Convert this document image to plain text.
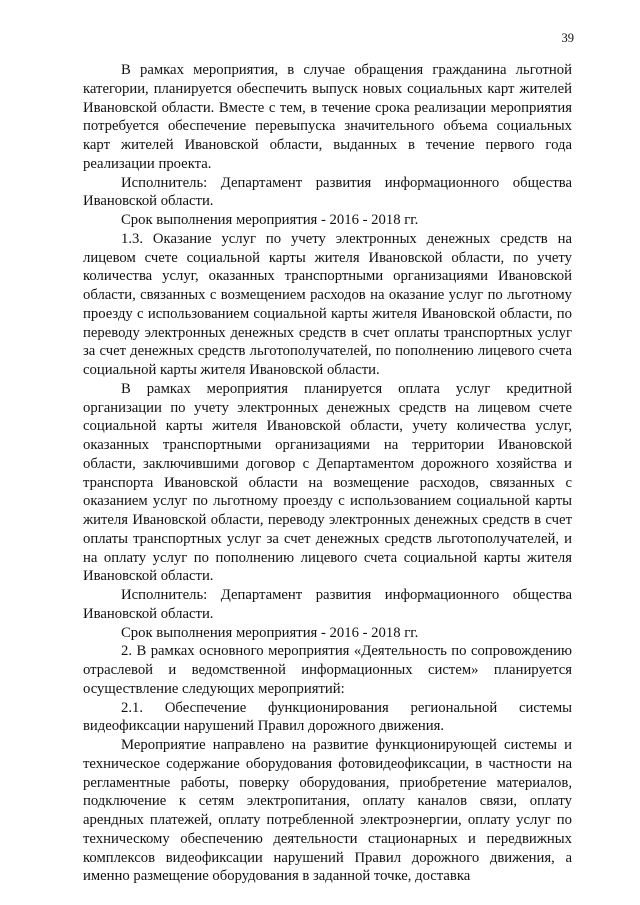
39

В рамках мероприятия, в случае обращения гражданина льготной категории, планируется обеспечить выпуск новых социальных карт жителей Ивановской области. Вместе с тем, в течение срока реализации мероприятия потребуется обеспечение перевыпуска значительного объема социальных карт жителей Ивановской области, выданных в течение первого года реализации проекта.

Исполнитель: Департамент развития информационного общества Ивановской области.

Срок выполнения мероприятия - 2016 - 2018 гг.

1.3. Оказание услуг по учету электронных денежных средств на лицевом счете социальной карты жителя Ивановской области, по учету количества услуг, оказанных транспортными организациями Ивановской области, связанных с возмещением расходов на оказание услуг по льготному проезду с использованием социальной карты жителя Ивановской области, по переводу электронных денежных средств в счет оплаты транспортных услуг за счет денежных средств льготополучателей, по пополнению лицевого счета социальной карты жителя Ивановской области.

В рамках мероприятия планируется оплата услуг кредитной организации по учету электронных денежных средств на лицевом счете социальной карты жителя Ивановской области, учету количества услуг, оказанных транспортными организациями на территории Ивановской области, заключившими договор с Департаментом дорожного хозяйства и транспорта Ивановской области на возмещение расходов, связанных с оказанием услуг по льготному проезду с использованием социальной карты жителя Ивановской области, переводу электронных денежных средств в счет оплаты транспортных услуг за счет денежных средств льготополучателей, и на оплату услуг по пополнению лицевого счета социальной карты жителя Ивановской области.

Исполнитель: Департамент развития информационного общества Ивановской области.

Срок выполнения мероприятия - 2016 - 2018 гг.

2. В рамках основного мероприятия «Деятельность по сопровождению отраслевой и ведомственной информационных систем» планируется осуществление следующих мероприятий:

2.1. Обеспечение функционирования региональной системы видеофиксации нарушений Правил дорожного движения.

Мероприятие направлено на развитие функционирующей системы и техническое содержание оборудования фотовидеофиксации, в частности на регламентные работы, поверку оборудования, приобретение материалов, подключение к сетям электропитания, оплату каналов связи, оплату арендных платежей, оплату потребленной электроэнергии, оплату услуг по техническому обеспечению деятельности стационарных и передвижных комплексов видеофиксации нарушений Правил дорожного движения, а именно размещение оборудования в заданной точке, доставка
